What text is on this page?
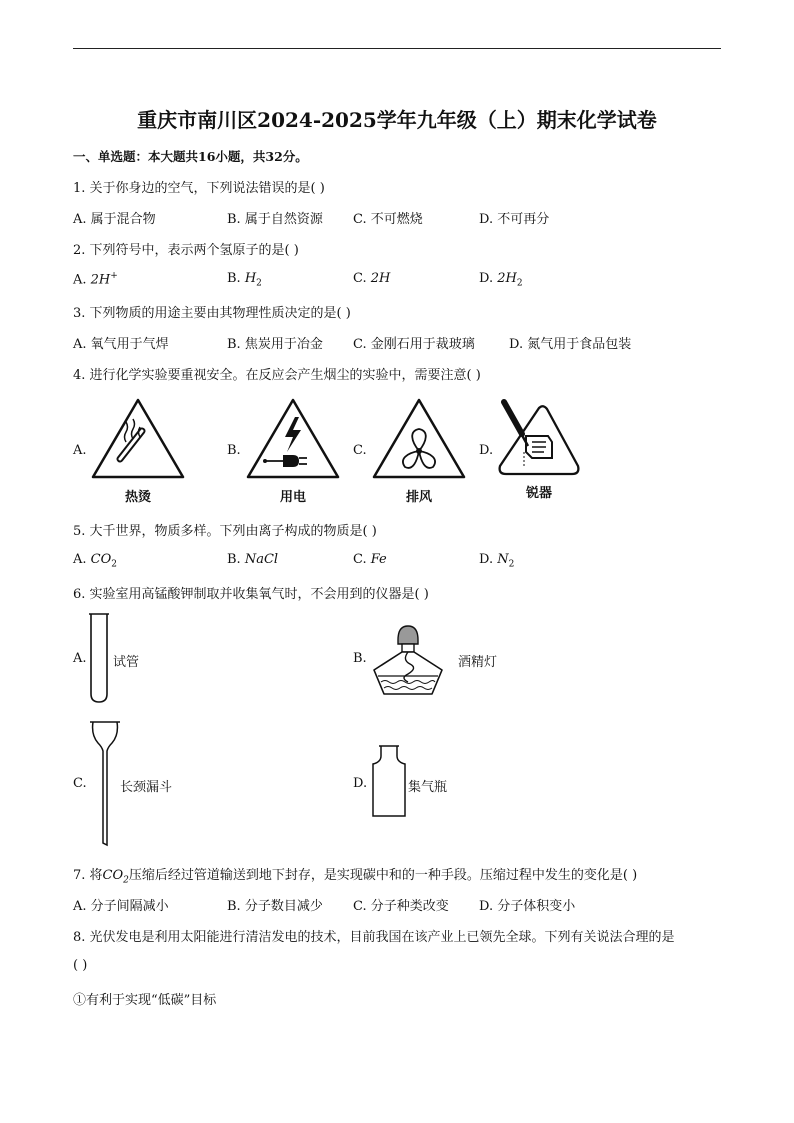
重庆市南川区2024-2025学年九年级（上）期末化学试卷
一、单选题：本大题共16小题，共32分。
1. 关于你身边的空气，下列说法错误的是( )
A. 属于混合物	B. 属于自然资源 C. 不可燃烧	D. 不可再分
2. 下列符号中，表示两个氢原子的是( )
A. 2H+	B. $H_2$	C. 2H	D. $2H_2$
3. 下列物质的用途主要由其物理性质决定的是( )
A. 氧气用于气焊	B. 焦炭用于冶金 C. 金刚石用于裁玻璃	D. 氮气用于食品包装
4. 进行化学实验要重视安全。在反应会产生烟尘的实验中，需要注意( )
A.
热烫
B.
用电
C.
排风
D.
锐器
5. 大千世界，物质多样。下列由离子构成的物质是( )
A. $CO_2$	B. NaCl	C. Fe	D. $N_2$
6. 实验室用高锰酸钾制取并收集氧气时，不会用到的仪器是( )
A. 试管	B.	酒精灯
C.	长颈漏斗	D.	集气瓶
7. 将$CO_2$压缩后经过管道输送到地下封存，是实现碳中和的一种手段。压缩过程中发生的变化是( )
A. 分子间隔减小	B. 分子数目减少 C. 分子种类改变 D. 分子体积变小
8. 光伏发电是利用太阳能进行清洁发电的技术，目前我国在该产业上已领先全球。下列有关说法合理的是
( )
①有利于实现“低碳”目标
